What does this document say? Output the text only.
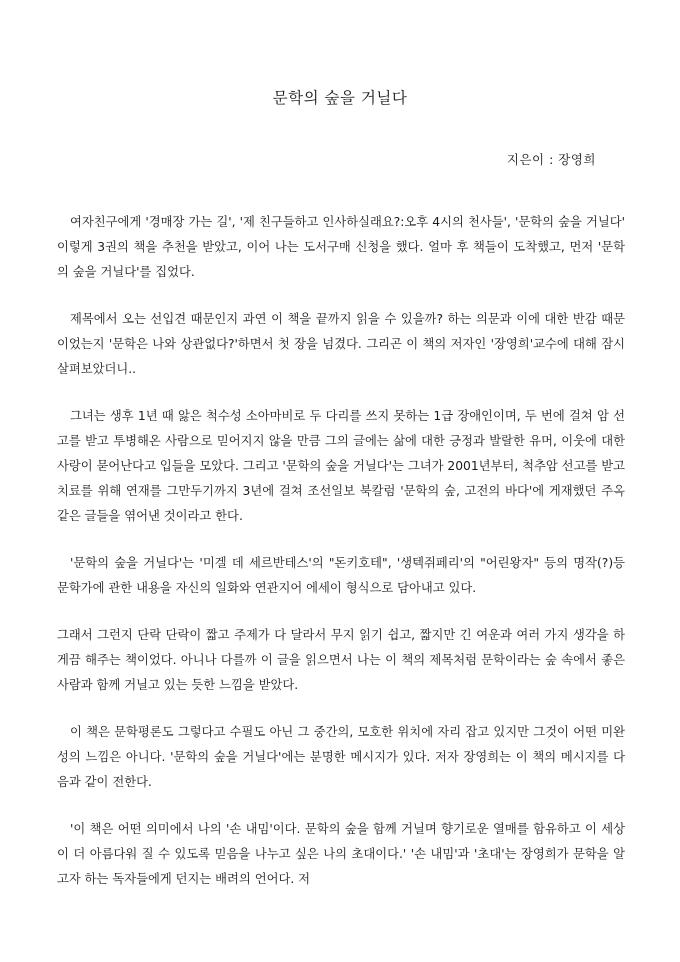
문학의 숲을 거닐다
지은이 : 장영희

여자친구에게 '경매장 가는 길', '제 친구들하고 인사하실래요?:오후 4시의 천사들', '문학의 숲을 거닐다' 이렇게 3권의 책을 추천을 받았고, 이어 나는 도서구매 신청을 했다. 얼마 후 책들이 도착했고, 먼저 '문학의 숲을 거닐다'를 집었다.

제목에서 오는 선입견 때문인지 과연 이 책을 끝까지 읽을 수 있을까? 하는 의문과 이에 대한 반감 때문이었는지 '문학은 나와 상관없다?'하면서 첫 장을 넘겼다. 그리곤 이 책의 저자인 '장영희'교수에 대해 잠시 살펴보았더니..

그녀는 생후 1년 때 앓은 척수성 소아마비로 두 다리를 쓰지 못하는 1급 장애인이며, 두 번에 걸쳐 암 선고를 받고 투병해온 사람으로 믿어지지 않을 만큼 그의 글에는 삶에 대한 긍정과 발랄한 유머, 이웃에 대한 사랑이 묻어난다고 입들을 모았다. 그리고 '문학의 숲을 거닐다'는 그녀가 2001년부터, 척추암 선고를 받고 치료를 위해 연재를 그만두기까지 3년에 걸쳐 조선일보 북칼럼 '문학의 숲, 고전의 바다'에 게재했던 주옥같은 글들을 엮어낸 것이라고 한다.

'문학의 숲을 거닐다'는 '미겔 데 세르반테스'의 "돈키호테", '생텍쥐페리'의 "어린왕자" 등의 명작(?)등 문학가에 관한 내용을 자신의 일화와 연관지어 에세이 형식으로 담아내고 있다.

그래서 그런지 단락 단락이 짧고 주제가 다 달라서 무지 읽기 쉽고, 짧지만 긴 여운과 여러 가지 생각을 하게끔 해주는 책이었다. 아니나 다를까 이 글을 읽으면서 나는 이 책의 제목처럼 문학이라는 숲 속에서 좋은 사람과 함께 거닐고 있는 듯한 느낌을 받았다.

이 책은 문학평론도 그렇다고 수필도 아닌 그 중간의, 모호한 위치에 자리 잡고 있지만 그것이 어떤 미완성의 느낌은 아니다. '문학의 숲을 거닐다'에는 분명한 메시지가 있다. 저자 장영희는 이 책의 메시지를 다음과 같이 전한다.

'이 책은 어떤 의미에서 나의 '손 내밈'이다. 문학의 숲을 함께 거닐며 향기로운 열매를 함유하고 이 세상이 더 아름다워 질 수 있도록 믿음을 나누고 싶은 나의 초대이다.' '손 내밈'과 '초대'는 장영희가 문학을 알고자 하는 독자들에게 던지는 배려의 언어다. 저
